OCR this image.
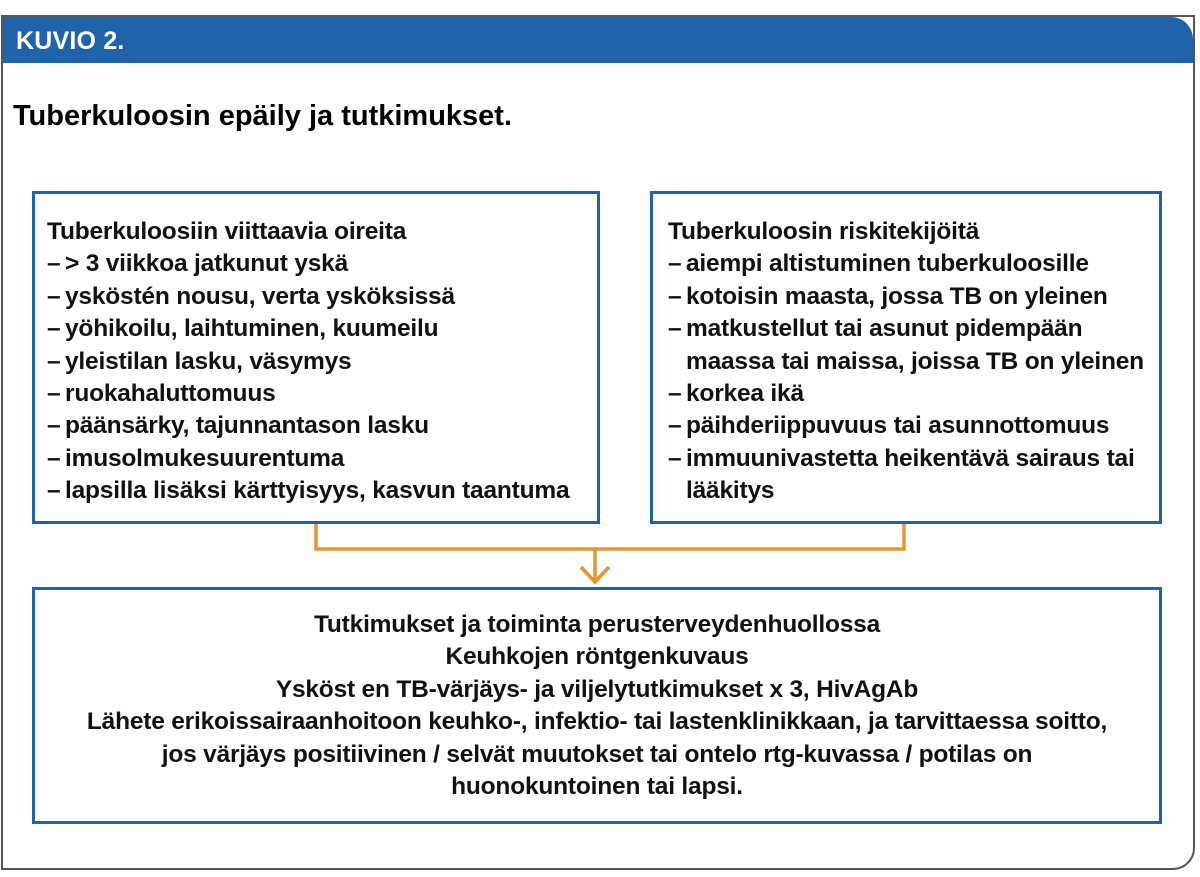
KUVIO 2.
Tuberkuloosin epäily ja tutkimukset.
Tuberkuloosiin viittaavia oireita
– > 3 viikkoa jatkunut yskä
– ysköstén nousu, verta ysköksissä
– yöhikoilu, laihtuminen, kuumeilu
– yleistilan lasku, väsymys
– ruokahaluttomuus
– päänsärky, tajunnantason lasku
– imusolmukesuurentuma
– lapsilla lisäksi kärttyisyys, kasvun taantuma
Tuberkuloosin riskitekijöitä
– aiempi altistuminen tuberkuloosille
– kotoisin maasta, jossa TB on yleinen
– matkustellut tai asunut pidempään maassa tai maissa, joissa TB on yleinen
– korkea ikä
– päihderiippuvuus tai asunnottomuus
– immuunivastetta heikentävä sairaus tai lääkitys
Tutkimukset ja toiminta perusterveydenhuollossa
Keuhkojen röntgenkuvaus
Ysköst en TB-värjäys- ja viljelytutkimukset x 3, HivAgAb
Lähete erikoissairaanhoitoon keuhko-, infektio- tai lastenklinikkaan, ja tarvittaessa soitto,
jos värjäys positiivinen / selvät muutokset tai ontelo rtg-kuvassa / potilas on
huonokuntoinen tai lapsi.
